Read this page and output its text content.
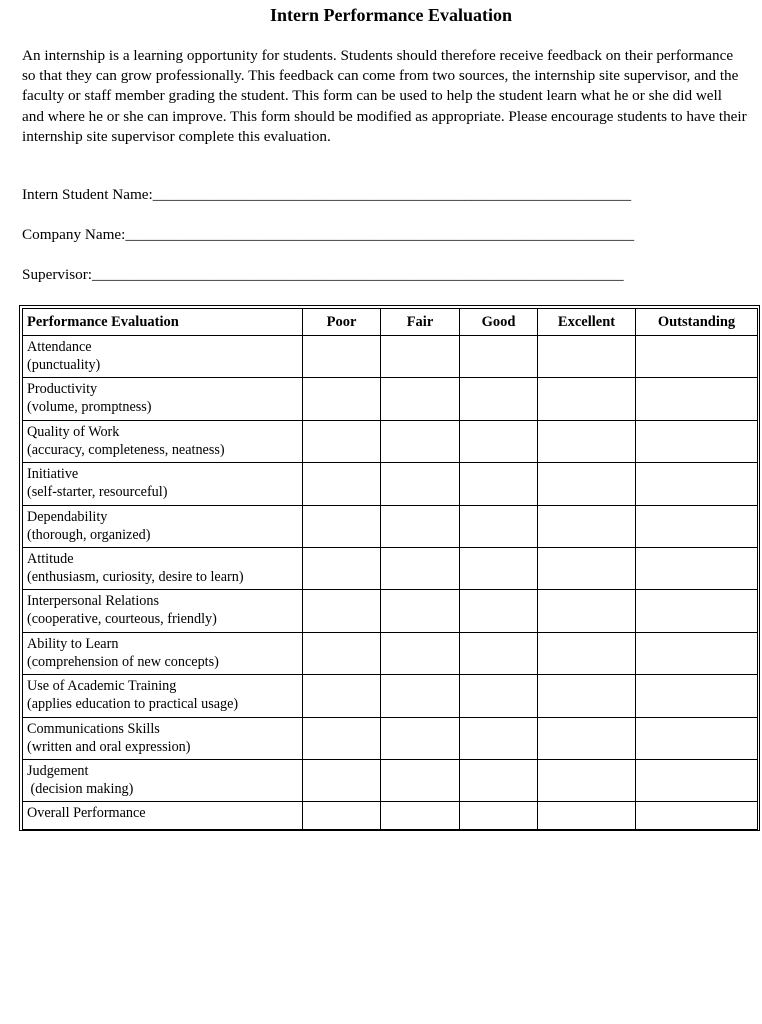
Intern Performance Evaluation
An internship is a learning opportunity for students. Students should therefore receive feedback on their performance so that they can grow professionally. This feedback can come from two sources, the internship site supervisor, and the faculty or staff member grading the student. This form can be used to help the student learn what he or she did well and where he or she can improve. This form should be modified as appropriate. Please encourage students to have their internship site supervisor complete this evaluation.
Intern Student Name:_______________________________________________________________
Company Name:___________________________________________________________________
Supervisor:______________________________________________________________________
Performance Evaluation	Poor	Fair	Good	Excellent	Outstanding

Attendance
(punctuality)					

Productivity
(volume, promptness)					

Quality of Work
(accuracy, completeness, neatness)					

Initiative
(self-starter, resourceful)					

Dependability
(thorough, organized)					

Attitude
(enthusiasm, curiosity, desire to learn)					

Interpersonal Relations
(cooperative, courteous, friendly)					

Ability to Learn
(comprehension of new concepts)					

Use of Academic Training
(applies education to practical usage)					

Communications Skills
(written and oral expression)					

Judgement
(decision making)					

Overall Performance					
